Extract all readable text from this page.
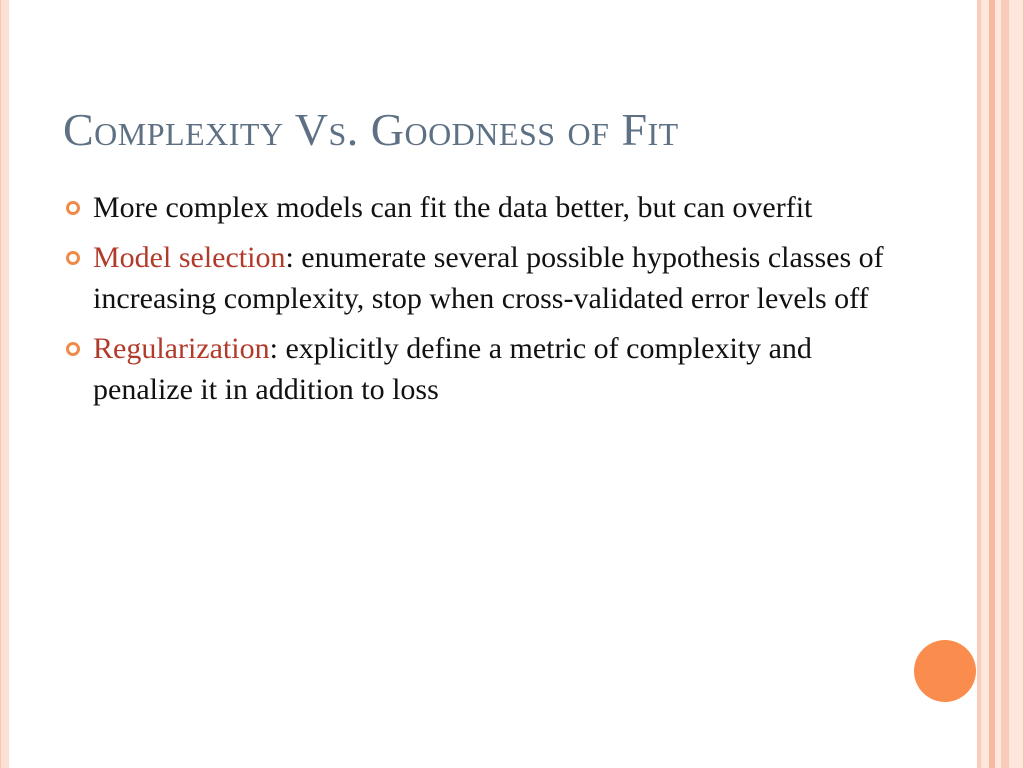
Complexity Vs. Goodness of Fit
More complex models can fit the data better, but can overfit
Model selection: enumerate several possible hypothesis classes of increasing complexity, stop when cross-validated error levels off
Regularization: explicitly define a metric of complexity and penalize it in addition to loss
